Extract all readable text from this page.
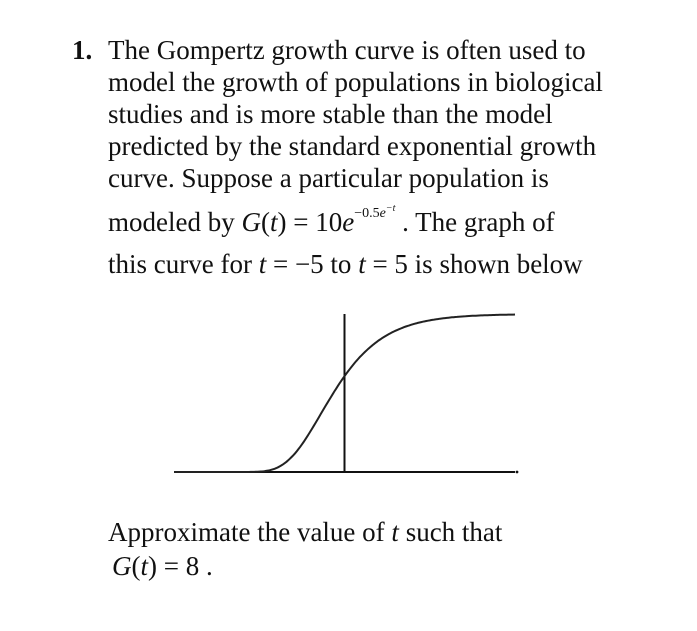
1. The Gompertz growth curve is often used to
model the growth of populations in biological
studies and is more stable than the model
predicted by the standard exponential growth
curve. Suppose a particular population is
modeled by $G(t) = 10e^{-0.5e^{-t}}$ . The graph of
this curve for t = −5 to t = 5 is shown below
Approximate the value of t such that
G(t) = 8 .
